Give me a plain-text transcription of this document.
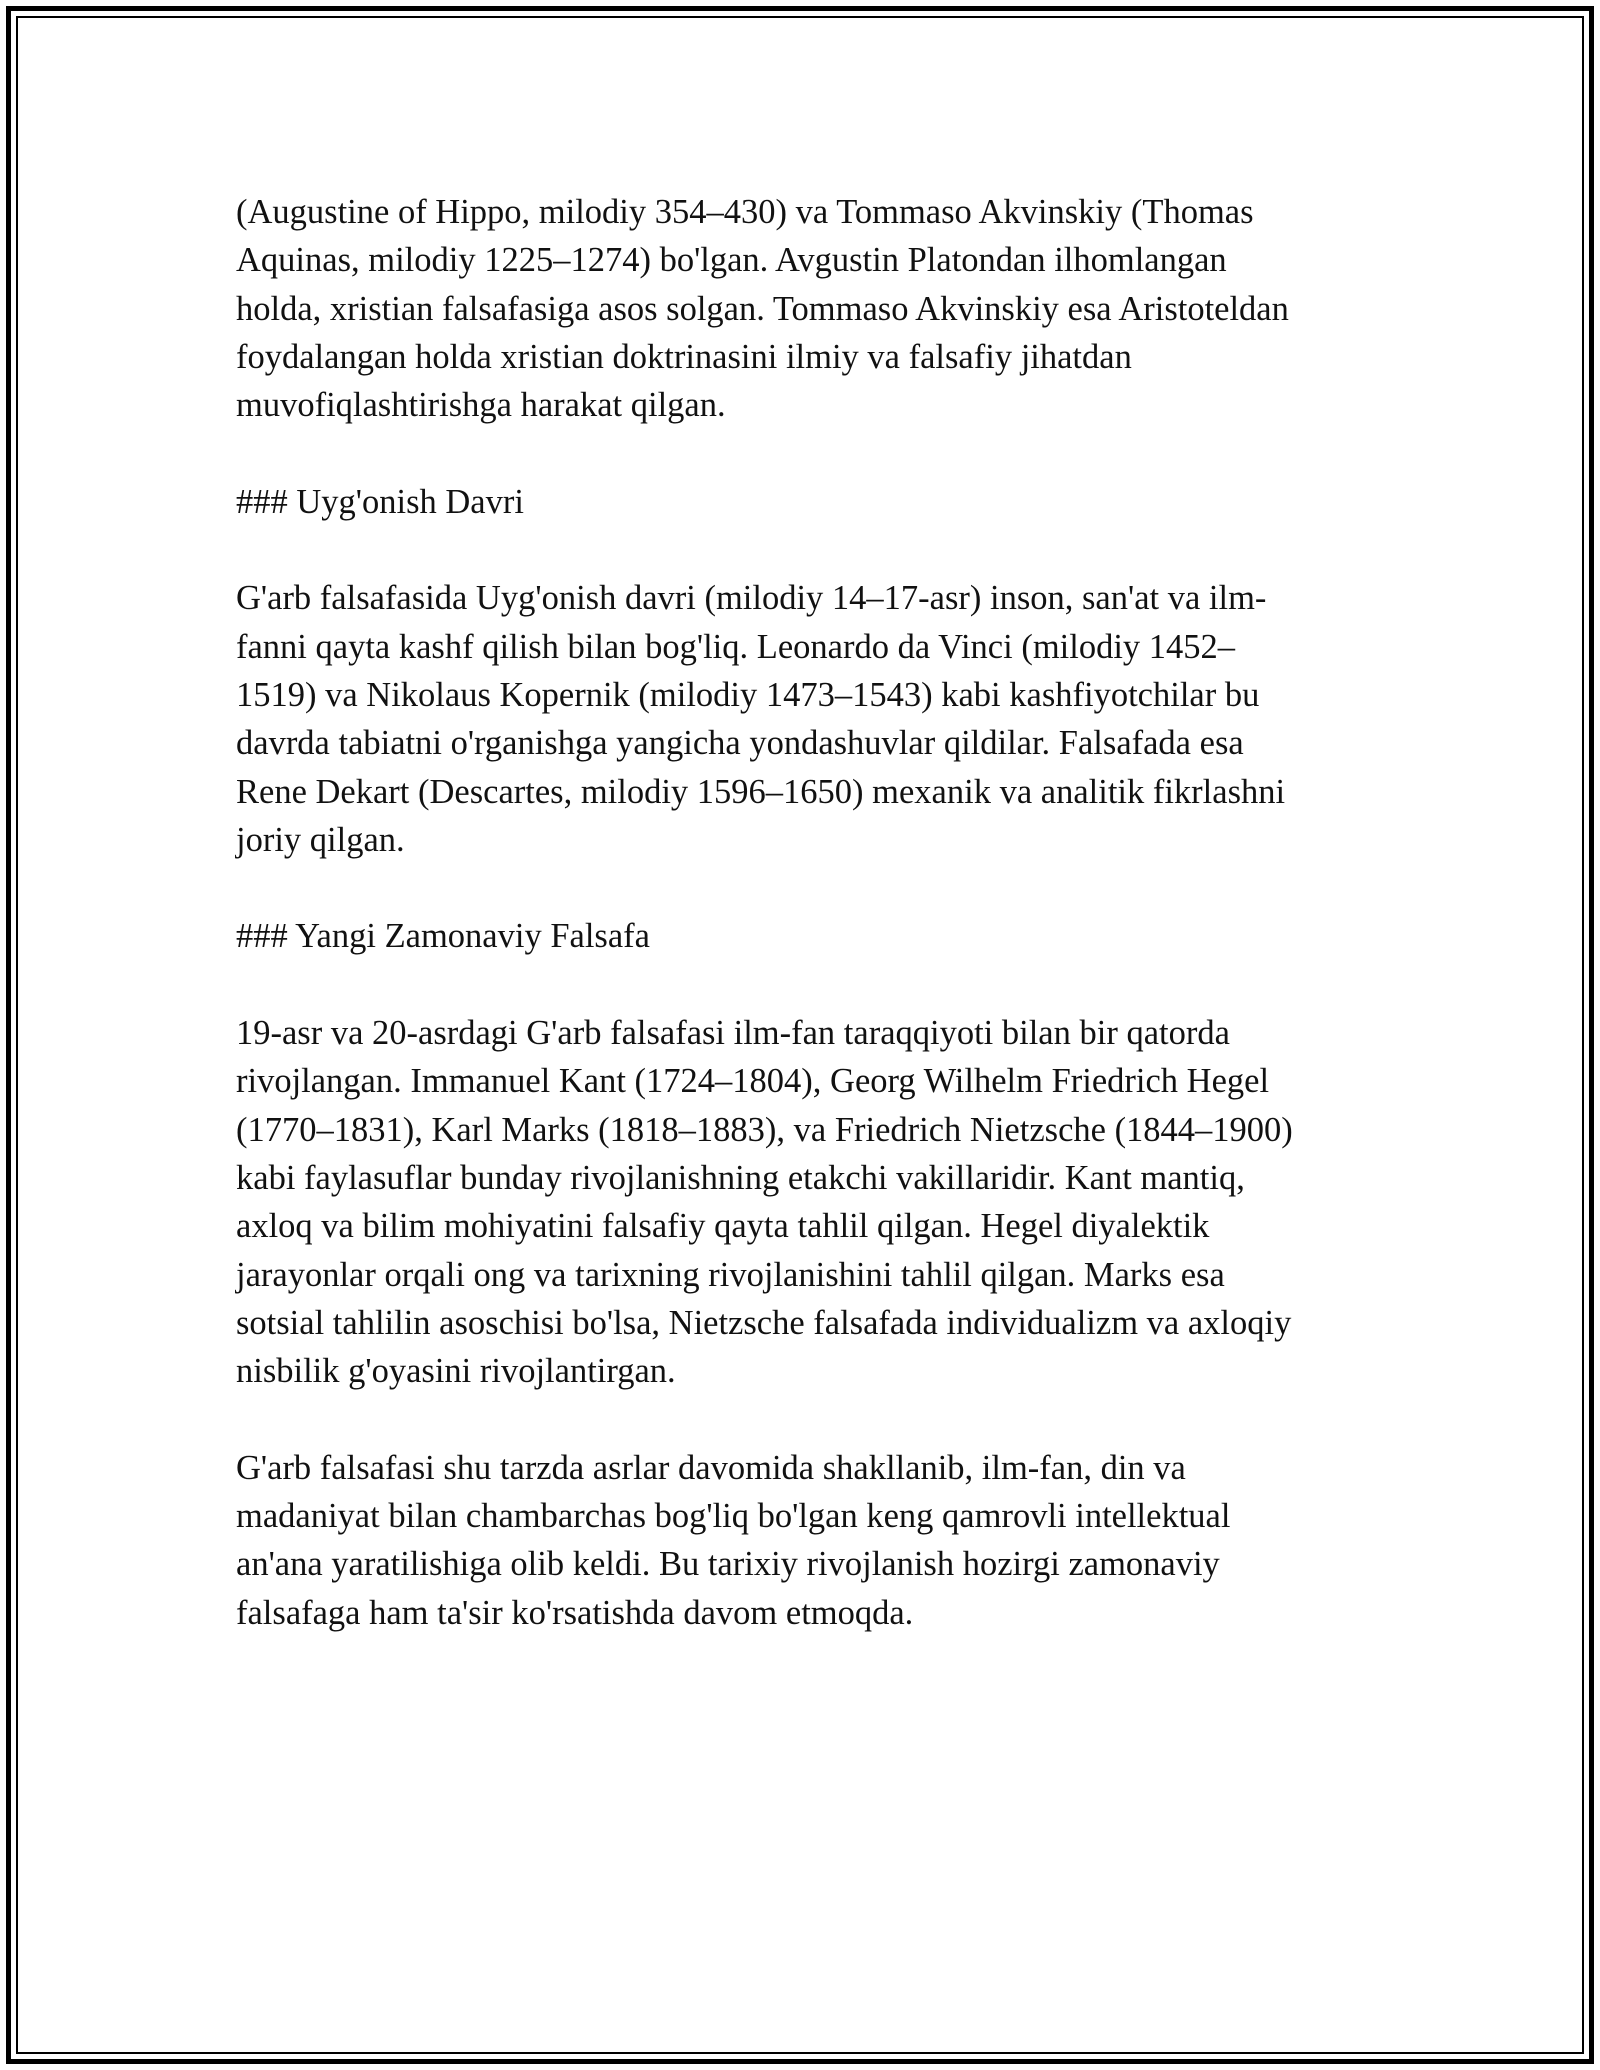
(Augustine of Hippo, milodiy 354–430) va Tommaso Akvinskiy (Thomas
Aquinas, milodiy 1225–1274) bo'lgan. Avgustin Platondan ilhomlangan
holda, xristian falsafasiga asos solgan. Tommaso Akvinskiy esa Aristoteldan
foydalangan holda xristian doktrinasini ilmiy va falsafiy jihatdan
muvofiqlashtirishga harakat qilgan.

### Uyg'onish Davri

G'arb falsafasida Uyg'onish davri (milodiy 14–17-asr) inson, san'at va ilm-
fanni qayta kashf qilish bilan bog'liq. Leonardo da Vinci (milodiy 1452–
1519) va Nikolaus Kopernik (milodiy 1473–1543) kabi kashfiyotchilar bu
davrda tabiatni o'rganishga yangicha yondashuvlar qildilar. Falsafada esa
Rene Dekart (Descartes, milodiy 1596–1650) mexanik va analitik fikrlashni
joriy qilgan.

### Yangi Zamonaviy Falsafa

19-asr va 20-asrdagi G'arb falsafasi ilm-fan taraqqiyoti bilan bir qatorda
rivojlangan. Immanuel Kant (1724–1804), Georg Wilhelm Friedrich Hegel
(1770–1831), Karl Marks (1818–1883), va Friedrich Nietzsche (1844–1900)
kabi faylasuflar bunday rivojlanishning etakchi vakillaridir. Kant mantiq,
axloq va bilim mohiyatini falsafiy qayta tahlil qilgan. Hegel diyalektik
jarayonlar orqali ong va tarixning rivojlanishini tahlil qilgan. Marks esa
sotsial tahlilin asoschisi bo'lsa, Nietzsche falsafada individualizm va axloqiy
nisbilik g'oyasini rivojlantirgan.

G'arb falsafasi shu tarzda asrlar davomida shakllanib, ilm-fan, din va
madaniyat bilan chambarchas bog'liq bo'lgan keng qamrovli intellektual
an'ana yaratilishiga olib keldi. Bu tarixiy rivojlanish hozirgi zamonaviy
falsafaga ham ta'sir ko'rsatishda davom etmoqda.
